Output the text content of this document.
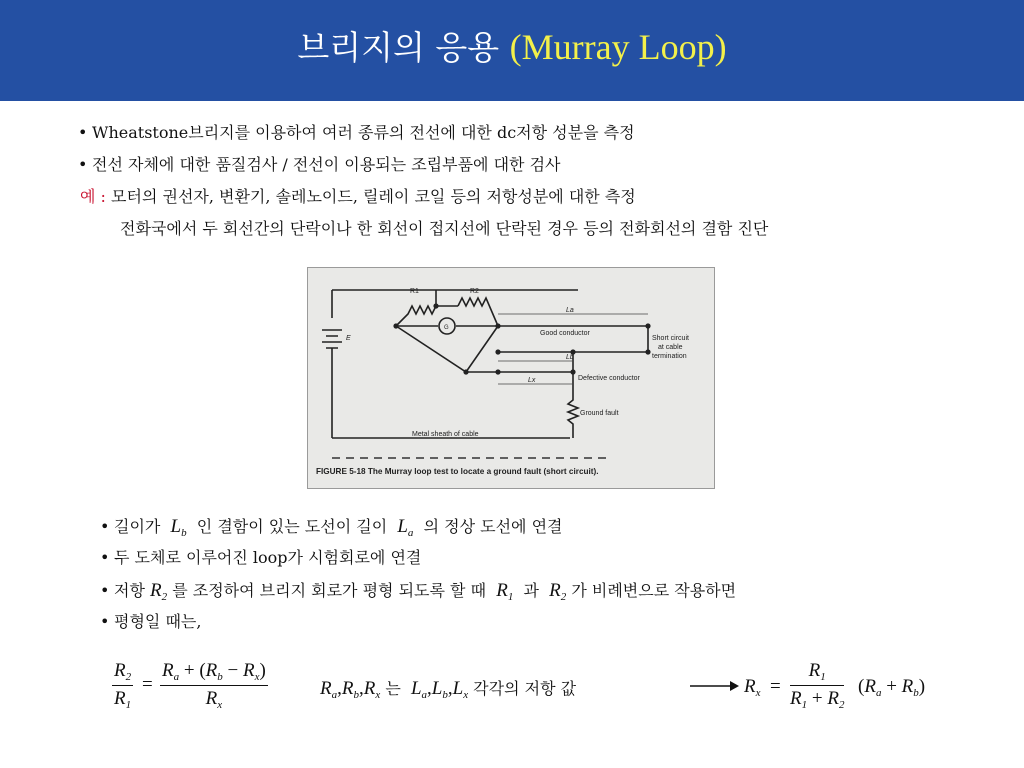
브리지의 응용 (Murray Loop)
• Wheatstone브리지를 이용하여 여러 종류의 전선에 대한 dc저항 성분을 측정
• 전선 자체에 대한 품질검사 / 전선이 이용되는 조립부품에 대한 검사
예 : 모터의 권선자, 변환기, 솔레노이드, 릴레이 코일 등의 저항성분에 대한 측정
전화국에서 두 회선간의 단락이나 한 회선이 접지선에 단락된 경우 등의 전화회선의 결함 진단
R1	R2
La
Lb
Lx
E
G
Good conductor
Defective conductor
Short circuit
at cable
termination
Ground fault
Metal sheath of cable
FIGURE 5-18 The Murray loop test to locate a ground fault (short circuit).
• 길이가 $L_b$ 인 결함이 있는 도선이 길이 $L_a$ 의 정상 도선에 연결
• 두 도체로 이루어진 loop가 시험회로에 연결
• 저항 $R_2$ 를 조정하여 브리지 회로가 평형 되도록 할 때 $R_1$ 과 $R_2$ 가 비례변으로 작용하면
• 평형일 때는,
$\frac{R_2}{R_1} = \frac{R_a + (R_b - R_x)}{R_x}$	$R_a,R_b,R_x$ 는 $L_a,L_b,L_x$ 각각의 저항 값	$R_x = \frac{R_1}{R_1 + R_2} (R_a + R_b)$
